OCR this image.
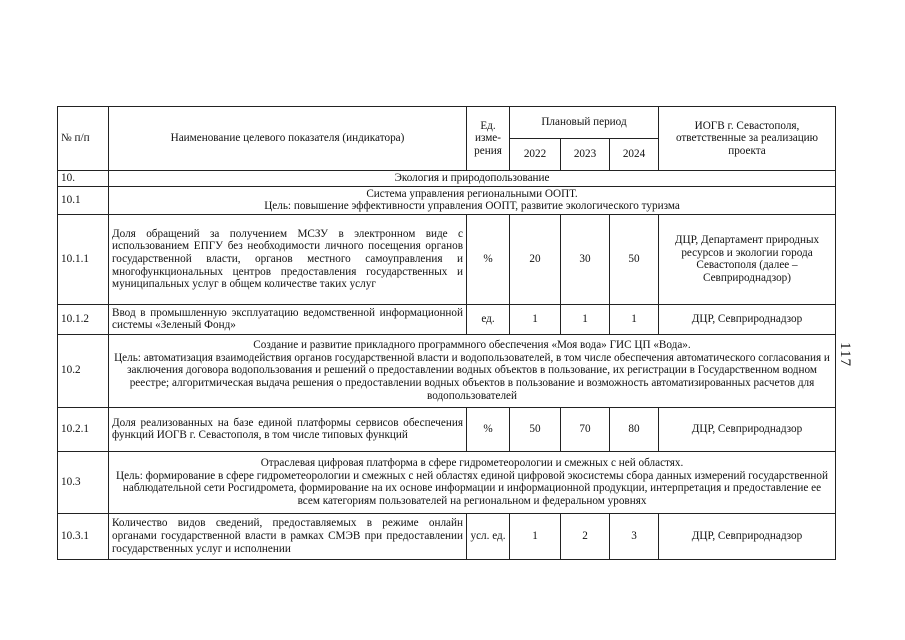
№ п/п	Наименование целевого показателя (индикатора)	Ед. изме-рения	Плановый период			ИОГВ г. Севастополя, ответственные за реализацию проекта
			2022	2023	2024	
10.	Экология и природопользование					
10.1	Система управления региональными ООПТ.
Цель: повышение эффективности управления ООПТ, развитие экологического туризма					

10.1.1	Доля обращений за получением МСЗУ в электронном виде с использованием ЕПГУ без необходимости личного посещения органов государственной власти, органов местного самоуправления и многофункциональных центров предоставления государственных и муниципальных услуг в общем количестве таких услуг	%	20	30	50	ДЦР, Департамент природных ресурсов и экологии города Севастополя (далее – Севприроднадзор)
10.1.2	Ввод в промышленную эксплуатацию ведомственной информационной системы «Зеленый Фонд»	ед.	1	1	1	ДЦР, Севприроднадзор
10.2	Создание и развитие прикладного программного обеспечения «Моя вода» ГИС ЦП «Вода».
Цель: автоматизация взаимодействия органов государственной власти и водопользователей, в том числе обеспечения автоматического согласования и заключения договора водопользования и решений о предоставлении водных объектов в пользование, их регистрации в Государственном водном реестре; алгоритмическая выдача решения о предоставлении водных объектов в пользование и возможность автоматизированных расчетов для водопользователей					

10.2.1	Доля реализованных на базе единой платформы сервисов обеспечения функций ИОГВ г. Севастополя, в том числе типовых функций	%	50	70	80	ДЦР, Севприроднадзор
10.3	Отраслевая цифровая платформа в сфере гидрометеорологии и смежных с ней областях.
Цель: формирование в сфере гидрометеорологии и смежных с ней областях единой цифровой экосистемы сбора данных измерений государственной наблюдательной сети Росгидромета, формирование на их основе информации и информационной продукции, интерпретация и предоставление ее всем категориям пользователей на региональном и федеральном уровнях					

10.3.1	Количество видов сведений, предоставляемых в режиме онлайн органами государственной власти в рамках СМЭВ при предоставлении государственных услуг и исполнении	усл. ед.	1	2	3	ДЦР, Севприроднадзор
117
